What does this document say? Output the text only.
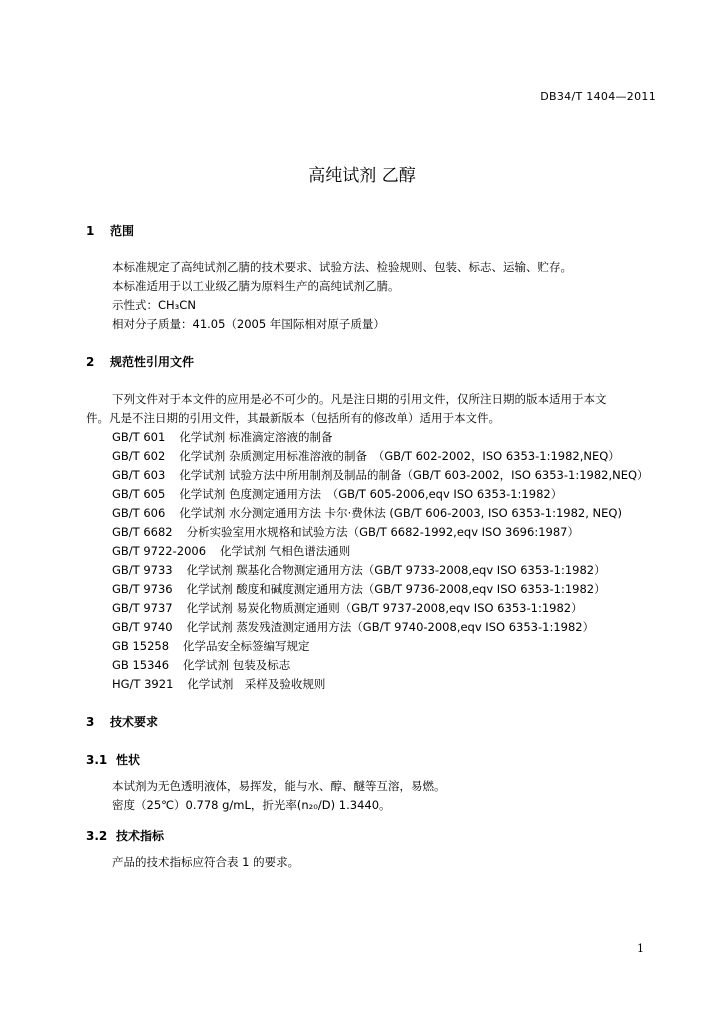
DB34/T 1404—2011
高纯试剂 乙醇
1 范围
本标准规定了高纯试剂乙腈的技术要求、试验方法、检验规则、包装、标志、运输、贮存。
本标准适用于以工业级乙腈为原料生产的高纯试剂乙腈。
示性式：CH₃CN
相对分子质量：41.05（2005 年国际相对原子质量）
2 规范性引用文件
下列文件对于本文件的应用是必不可少的。凡是注日期的引用文件，仅所注日期的版本适用于本文
件。凡是不注日期的引用文件，其最新版本（包括所有的修改单）适用于本文件。
GB/T 601 化学试剂 标准滴定溶液的制备
GB/T 602 化学试剂 杂质测定用标准溶液的制备　（GB/T 602-2002，ISO 6353-1:1982,NEQ）
GB/T 603 化学试剂 试验方法中所用制剂及制品的制备（GB/T 603-2002，ISO 6353-1:1982,NEQ）
GB/T 605 化学试剂 色度测定通用方法　（GB/T 605-2006,eqv ISO 6353-1:1982）
GB/T 606 化学试剂 水分测定通用方法 卡尔·费休法 (GB/T 606-2003, ISO 6353-1:1982, NEQ)
GB/T 6682 分析实验室用水规格和试验方法（GB/T 6682-1992,eqv ISO 3696:1987）
GB/T 9722-2006 化学试剂 气相色谱法通则
GB/T 9733 化学试剂 羰基化合物测定通用方法（GB/T 9733-2008,eqv ISO 6353-1:1982）
GB/T 9736 化学试剂 酸度和碱度测定通用方法（GB/T 9736-2008,eqv ISO 6353-1:1982）
GB/T 9737 化学试剂 易炭化物质测定通则（GB/T 9737-2008,eqv ISO 6353-1:1982）
GB/T 9740 化学试剂 蒸发残渣测定通用方法（GB/T 9740-2008,eqv ISO 6353-1:1982）
GB 15258 化学品安全标签编写规定
GB 15346 化学试剂 包装及标志
HG/T 3921 化学试剂　采样及验收规则
3 技术要求
3.1 性状
本试剂为无色透明液体，易挥发，能与水、醇、醚等互溶，易燃。
密度（25℃）0.778 g/mL，折光率(n₂₀/D) 1.3440。
3.2 技术指标
产品的技术指标应符合表 1 的要求。
1
